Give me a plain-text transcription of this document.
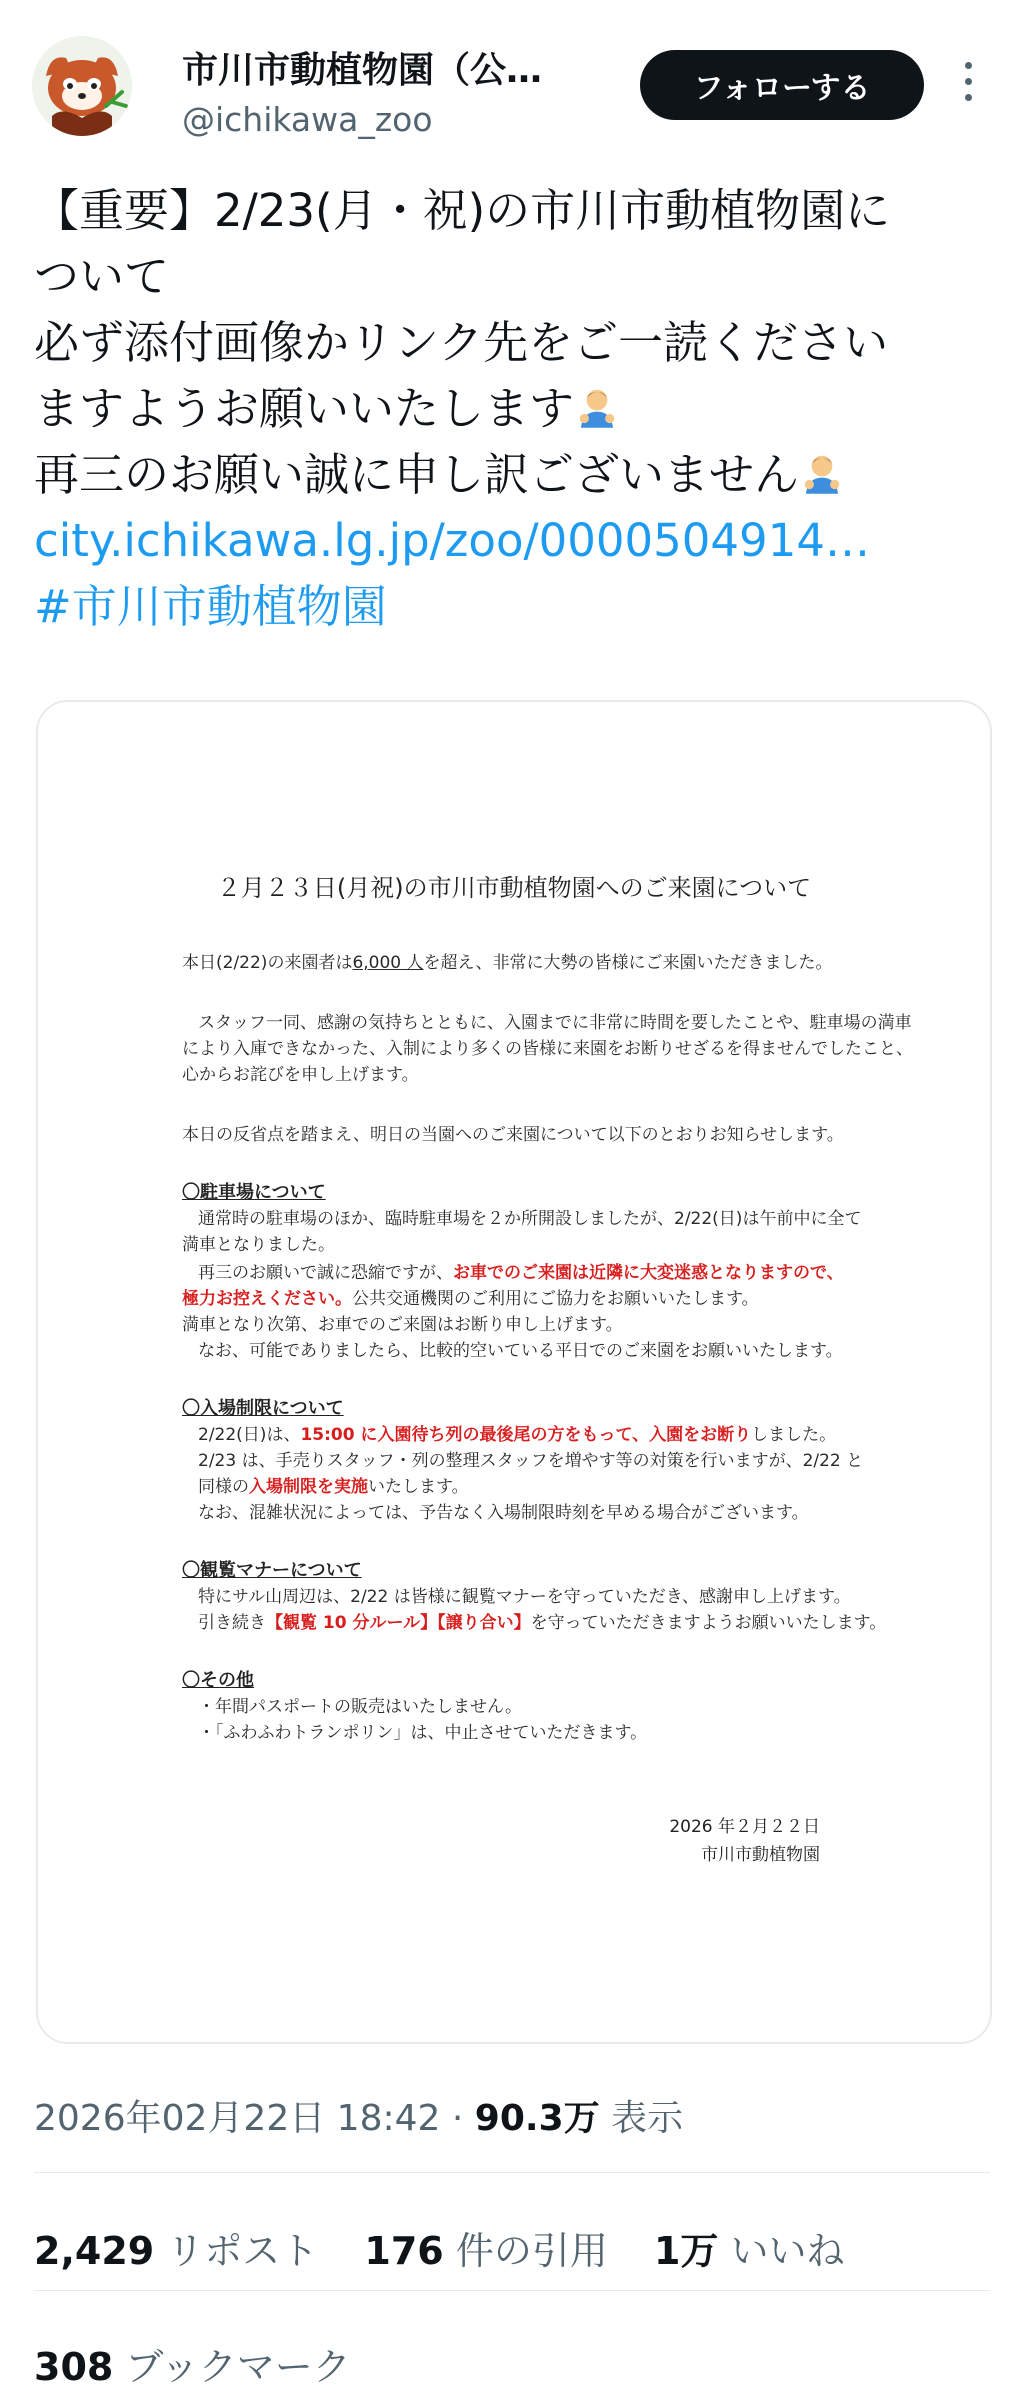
市川市動植物園（公…
@ichikawa_zoo
フォローする
【重要】2/23(月・祝)の市川市動植物園に
ついて
必ず添付画像かリンク先をご一読ください
ますようお願いいたします
再三のお願い誠に申し訳ございません
city.ichikawa.lg.jp/zoo/0000504914…
#市川市動植物園
２月２３日(月祝)の市川市動植物園へのご来園について
本日(2/22)の来園者は6,000 人を超え、非常に大勢の皆様にご来園いただきました。
スタッフ一同、感謝の気持ちとともに、入園までに非常に時間を要したことや、駐車場の満車
により入庫できなかった、入制により多くの皆様に来園をお断りせざるを得ませんでしたこと、
心からお詫びを申し上げます。
本日の反省点を踏まえ、明日の当園へのご来園について以下のとおりお知らせします。
〇駐車場について
通常時の駐車場のほか、臨時駐車場を２か所開設しましたが、2/22(日)は午前中に全て
満車となりました。
再三のお願いで誠に恐縮ですが、お車でのご来園は近隣に大変迷惑となりますので、
極力お控えください。公共交通機関のご利用にご協力をお願いいたします。
満車となり次第、お車でのご来園はお断り申し上げます。
なお、可能でありましたら、比較的空いている平日でのご来園をお願いいたします。
〇入場制限について
2/22(日)は、15:00 に入園待ち列の最後尾の方をもって、入園をお断りしました。
2/23 は、手売りスタッフ・列の整理スタッフを増やす等の対策を行いますが、2/22 と
同様の入場制限を実施いたします。
なお、混雑状況によっては、予告なく入場制限時刻を早める場合がございます。
〇観覧マナーについて
特にサル山周辺は、2/22 は皆様に観覧マナーを守っていただき、感謝申し上げます。
引き続き【観覧 10 分ルール】【譲り合い】を守っていただきますようお願いいたします。
〇その他
・年間パスポートの販売はいたしません。
・「ふわふわトランポリン」は、中止させていただきます。
2026 年２月２２日
市川市動植物園
2026年02月22日 18:42 · 90.3万 表示
2,429 リポスト 176 件の引用 1万 いいね
308 ブックマーク
